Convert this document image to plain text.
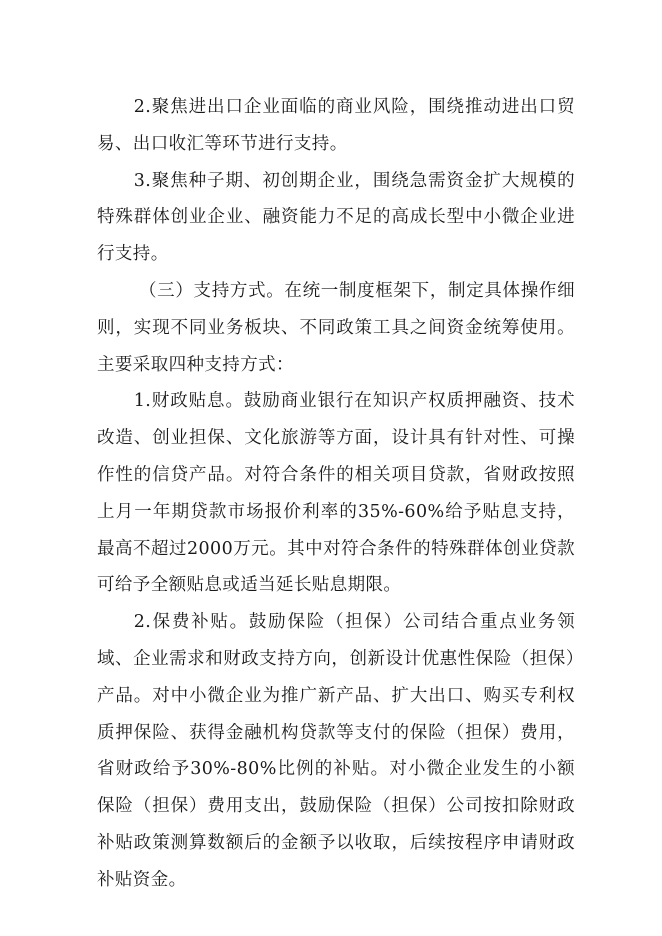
2.聚焦进出口企业面临的商业风险，围绕推动进出口贸易、出口收汇等环节进行支持。

3.聚焦种子期、初创期企业，围绕急需资金扩大规模的特殊群体创业企业、融资能力不足的高成长型中小微企业进行支持。

（三）支持方式。在统一制度框架下，制定具体操作细则，实现不同业务板块、不同政策工具之间资金统筹使用。主要采取四种支持方式：

1.财政贴息。鼓励商业银行在知识产权质押融资、技术改造、创业担保、文化旅游等方面，设计具有针对性、可操作性的信贷产品。对符合条件的相关项目贷款，省财政按照上月一年期贷款市场报价利率的35%-60%给予贴息支持，最高不超过2000万元。其中对符合条件的特殊群体创业贷款可给予全额贴息或适当延长贴息期限。

2.保费补贴。鼓励保险（担保）公司结合重点业务领域、企业需求和财政支持方向，创新设计优惠性保险（担保）产品。对中小微企业为推广新产品、扩大出口、购买专利权质押保险、获得金融机构贷款等支付的保险（担保）费用，省财政给予30%-80%比例的补贴。对小微企业发生的小额保险（担保）费用支出，鼓励保险（担保）公司按扣除财政补贴政策测算数额后的金额予以收取，后续按程序申请财政补贴资金。
